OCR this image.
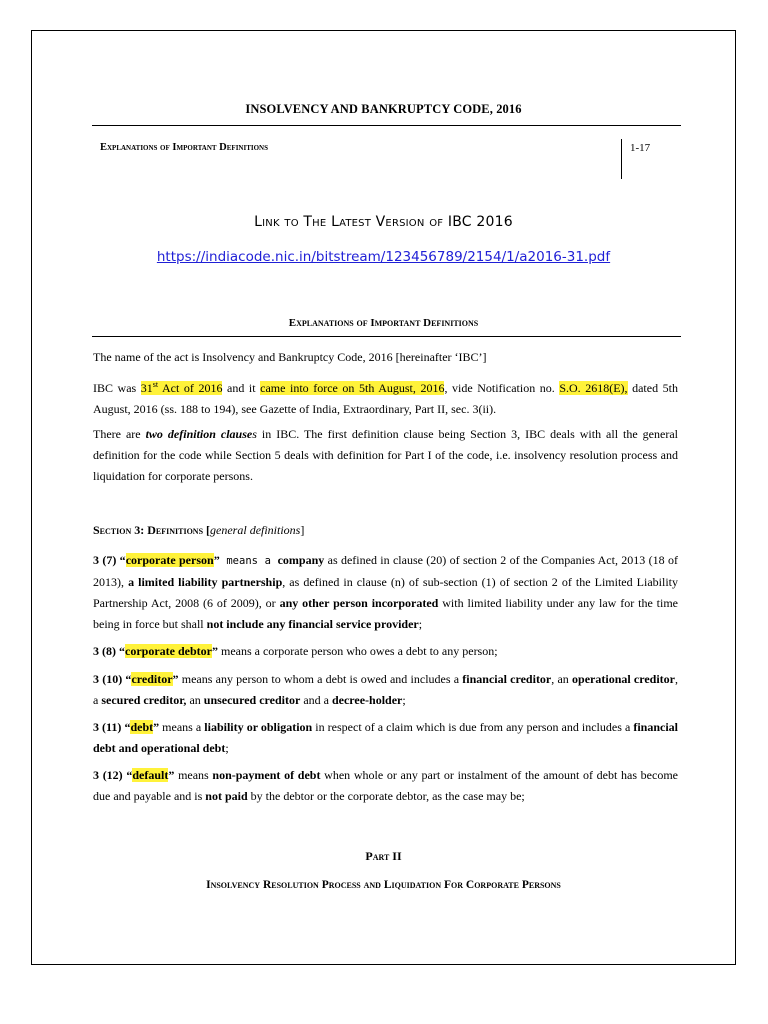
INSOLVENCY AND BANKRUPTCY CODE, 2016
Explanations of Important Definitions	1-17
Link to The Latest Version of IBC 2016
https://indiacode.nic.in/bitstream/123456789/2154/1/a2016-31.pdf
Explanations of Important Definitions

The name of the act is Insolvency and Bankruptcy Code, 2016 [hereinafter ‘IBC’]

IBC was 31st Act of 2016 and it came into force on 5th August, 2016, vide Notification no. S.O. 2618(E), dated 5th August, 2016 (ss. 188 to 194), see Gazette of India, Extraordinary, Part II, sec. 3(ii).

There are two definition clauses in IBC. The first definition clause being Section 3, IBC deals with all the general definition for the code while Section 5 deals with definition for Part I of the code, i.e. insolvency resolution process and liquidation for corporate persons.

Section 3: Definitions [general definitions]

3 (7) “corporate person” means a company as defined in clause (20) of section 2 of the Companies Act, 2013 (18 of 2013), a limited liability partnership, as defined in clause (n) of sub-section (1) of section 2 of the Limited Liability Partnership Act, 2008 (6 of 2009), or any other person incorporated with limited liability under any law for the time being in force but shall not include any financial service provider;

3 (8) “corporate debtor” means a corporate person who owes a debt to any person;

3 (10) “creditor” means any person to whom a debt is owed and includes a financial creditor, an operational creditor, a secured creditor, an unsecured creditor and a decree-holder;

3 (11) “debt” means a liability or obligation in respect of a claim which is due from any person and includes a financial debt and operational debt;

3 (12) “default” means non-payment of debt when whole or any part or instalment of the amount of debt has become due and payable and is not paid by the debtor or the corporate debtor, as the case may be;

Part II
Insolvency Resolution Process and Liquidation For Corporate Persons
